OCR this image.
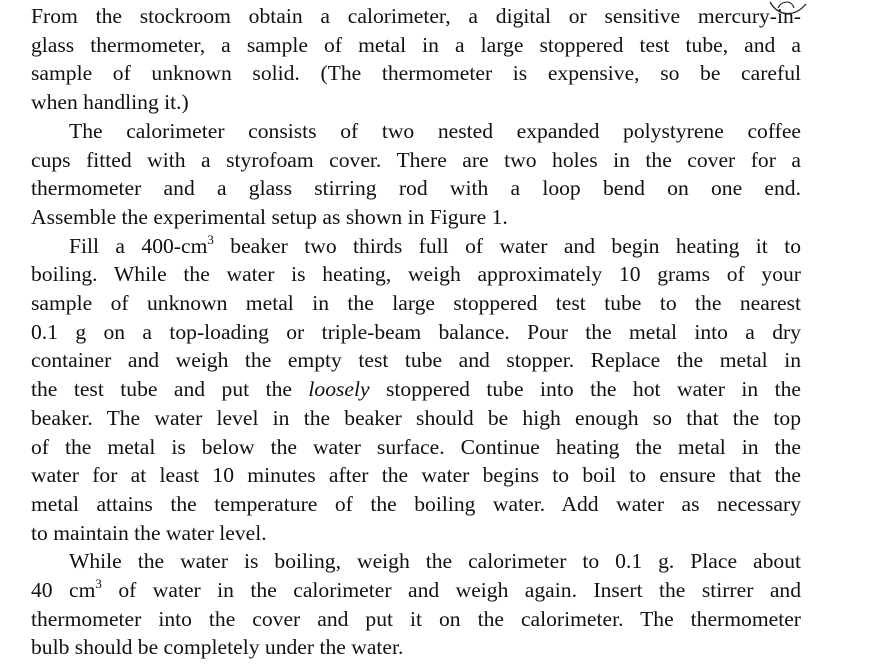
From the stockroom obtain a calorimeter, a digital or sensitive mercury-in-
glass thermometer, a sample of metal in a large stoppered test tube, and a
sample of unknown solid. (The thermometer is expensive, so be careful
when handling it.)
The calorimeter consists of two nested expanded polystyrene coffee
cups fitted with a styrofoam cover. There are two holes in the cover for a
thermometer and a glass stirring rod with a loop bend on one end.
Assemble the experimental setup as shown in Figure 1.
Fill a $400-cm^3$ beaker two thirds full of water and begin heating it to
boiling. While the water is heating, weigh approximately 10 grams of your
sample of unknown metal in the large stoppered test tube to the nearest
0.1 g on a top-loading or triple-beam balance. Pour the metal into a dry
container and weigh the empty test tube and stopper. Replace the metal in
the test tube and put the loosely stoppered tube into the hot water in the
beaker. The water level in the beaker should be high enough so that the top
of the metal is below the water surface. Continue heating the metal in the
water for at least 10 minutes after the water begins to boil to ensure that the
metal attains the temperature of the boiling water. Add water as necessary
to maintain the water level.
While the water is boiling, weigh the calorimeter to 0.1 g. Place about
40 $cm^3$ of water in the calorimeter and weigh again. Insert the stirrer and
thermometer into the cover and put it on the calorimeter. The thermometer
bulb should be completely under the water.
